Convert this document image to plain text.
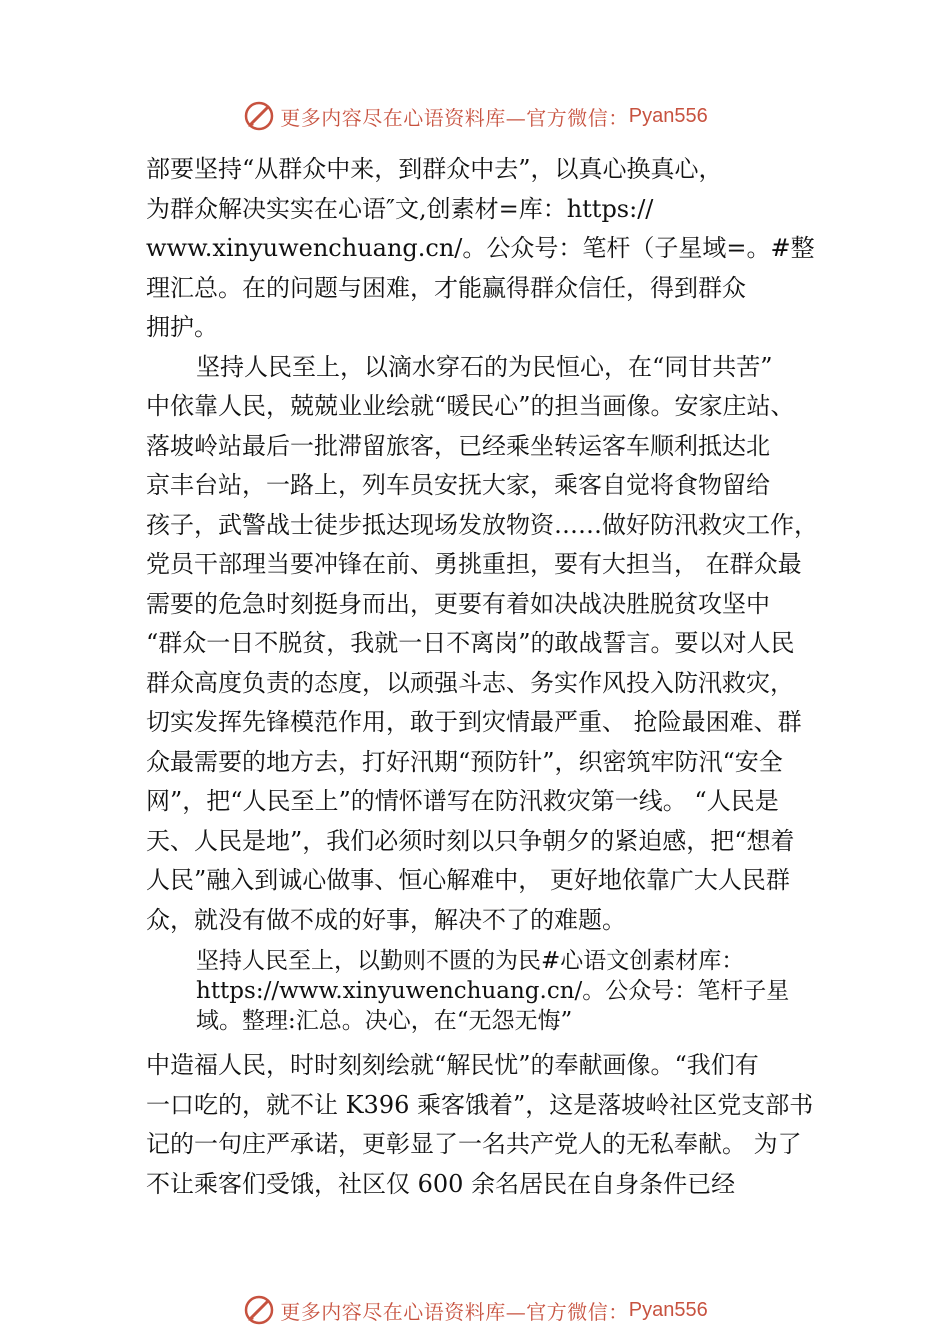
更多内容尽在心语资料库—官方微信： Pyan556
部要坚持“从群众中来，到群众中去”，以真心换真心，
为群众解决实实在心语″文,创素材=库：https://
www.xinyuwenchuang.cn/。公众号：笔杆（子星域=。#整
理汇总。在的问题与困难，才能赢得群众信任，得到群众
拥护。
坚持人民至上，以滴水穿石的为民恒心，在“同甘共苦”
中依靠人民，兢兢业业绘就“暖民心”的担当画像。安家庄站、
落坡岭站最后一批滞留旅客，已经乘坐转运客车顺利抵达北
京丰台站，一路上，列车员安抚大家，乘客自觉将食物留给
孩子，武警战士徒步抵达现场发放物资……做好防汛救灾工作，
党员干部理当要冲锋在前、勇挑重担，要有大担当， 在群众最
需要的危急时刻挺身而出，更要有着如决战决胜脱贫攻坚中
“群众一日不脱贫，我就一日不离岗”的敢战誓言。要以对人民
群众高度负责的态度，以顽强斗志、务实作风投入防汛救灾，
切实发挥先锋模范作用，敢于到灾情最严重、 抢险最困难、群
众最需要的地方去，打好汛期“预防针”，织密筑牢防汛“安全
网”，把“人民至上”的情怀谱写在防汛救灾第一线。 “人民是
天、人民是地”，我们必须时刻以只争朝夕的紧迫感，把“想着
人民”融入到诚心做事、恒心解难中， 更好地依靠广大人民群
众，就没有做不成的好事，解决不了的难题。
坚持人民至上，以勤则不匮的为民#心语文创素材库：
https://www.xinyuwenchuang.cn/。公众号：笔杆子星
域。整理:汇总。决心，在“无怨无悔”
中造福人民，时时刻刻绘就“解民忧”的奉献画像。“我们有
一口吃的，就不让 K396 乘客饿着”，这是落坡岭社区党支部书
记的一句庄严承诺，更彰显了一名共产党人的无私奉献。 为了
不让乘客们受饿，社区仅 600 余名居民在自身条件已经
更多内容尽在心语资料库—官方微信： Pyan556
